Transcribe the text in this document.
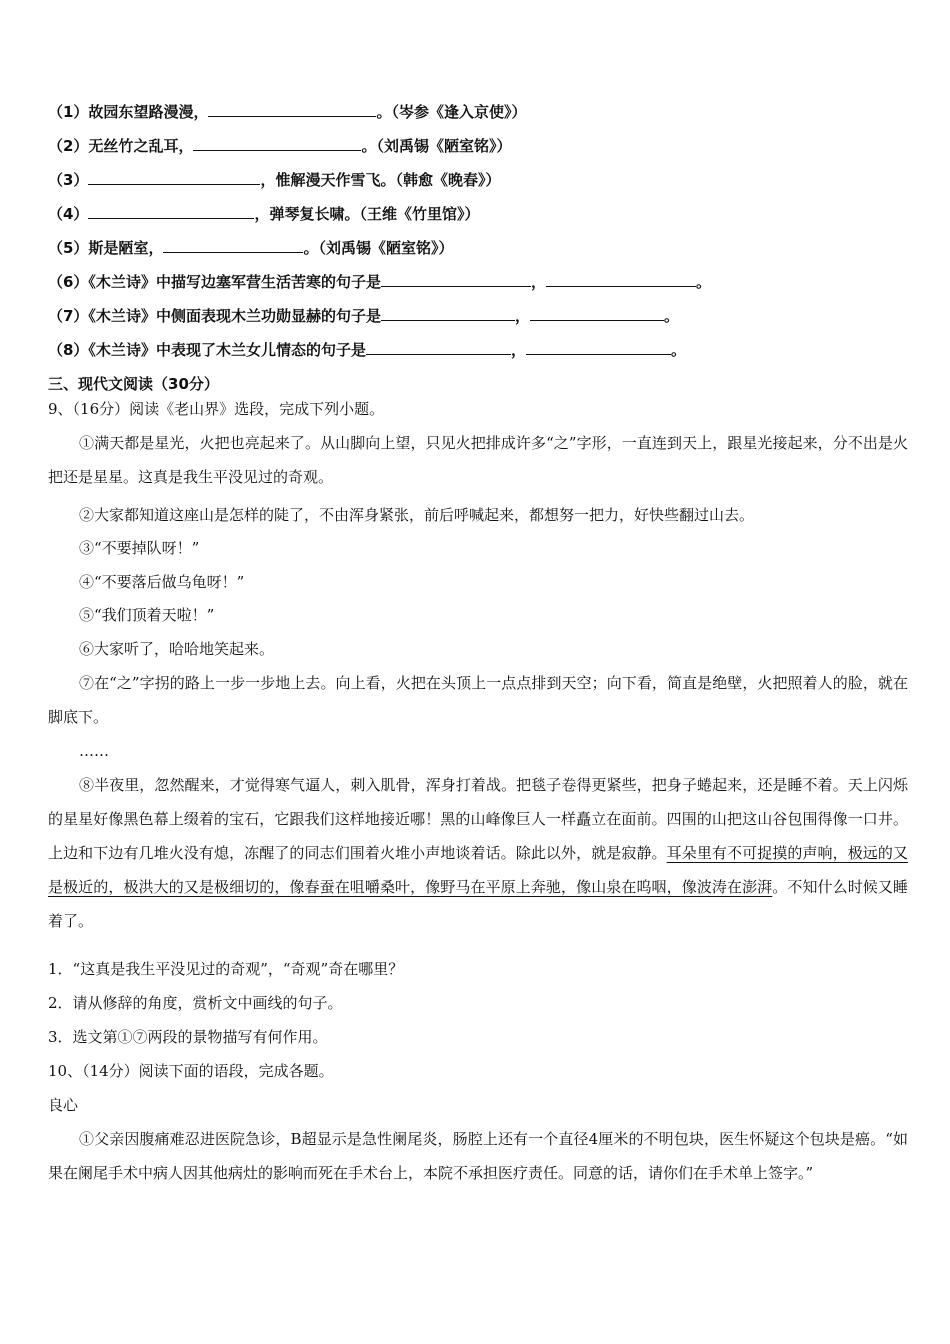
（1）故园东望路漫漫，	。（岑参《逢入京使》）
（2）无丝竹之乱耳，	。（刘禹锡《陋室铭》）
（3）	，惟解漫天作雪飞。（韩愈《晚春》）
（4）	，弹琴复长啸。（王维《竹里馆》）
（5）斯是陋室，	。（刘禹锡《陋室铭》）
（6）《木兰诗》中描写边塞军营生活苦寒的句子是	，	。
（7）《木兰诗》中侧面表现木兰功勋显赫的句子是	，	。
（8）《木兰诗》中表现了木兰女儿情态的句子是	，	。
三、现代文阅读（30分）
9、（16分）阅读《老山界》选段，完成下列小题。
①满天都是星光，火把也亮起来了。从山脚向上望，只见火把排成许多“之”字形，一直连到天上，跟星光接起来，分不出是火把还是星星。这真是我生平没见过的奇观。
②大家都知道这座山是怎样的陡了，不由浑身紧张，前后呼喊起来，都想努一把力，好快些翻过山去。
③“不要掉队呀！”
④“不要落后做乌龟呀！”
⑤“我们顶着天啦！”
⑥大家听了，哈哈地笑起来。
⑦在“之”字拐的路上一步一步地上去。向上看，火把在头顶上一点点排到天空；向下看，简直是绝壁，火把照着人的脸，就在脚底下。
……
⑧半夜里，忽然醒来，才觉得寒气逼人，刺入肌骨，浑身打着战。把毯子卷得更紧些，把身子蜷起来，还是睡不着。天上闪烁的星星好像黑色幕上缀着的宝石，它跟我们这样地接近哪！黑的山峰像巨人一样矗立在面前。四围的山把这山谷包围得像一口井。上边和下边有几堆火没有熄，冻醒了的同志们围着火堆小声地谈着话。除此以外，就是寂静。耳朵里有不可捉摸的声响，极远的又是极近的，极洪大的又是极细切的，像春蚕在咀嚼桑叶，像野马在平原上奔驰，像山泉在呜咽，像波涛在澎湃。不知什么时候又睡着了。
1．“这真是我生平没见过的奇观”，“奇观”奇在哪里？
2．请从修辞的角度，赏析文中画线的句子。
3．选文第①⑦两段的景物描写有何作用。
10、（14分）阅读下面的语段，完成各题。
良心
①父亲因腹痛难忍进医院急诊，B超显示是急性阑尾炎，肠腔上还有一个直径4厘米的不明包块，医生怀疑这个包块是癌。“如果在阑尾手术中病人因其他病灶的影响而死在手术台上，本院不承担医疗责任。同意的话，请你们在手术单上签字。”
